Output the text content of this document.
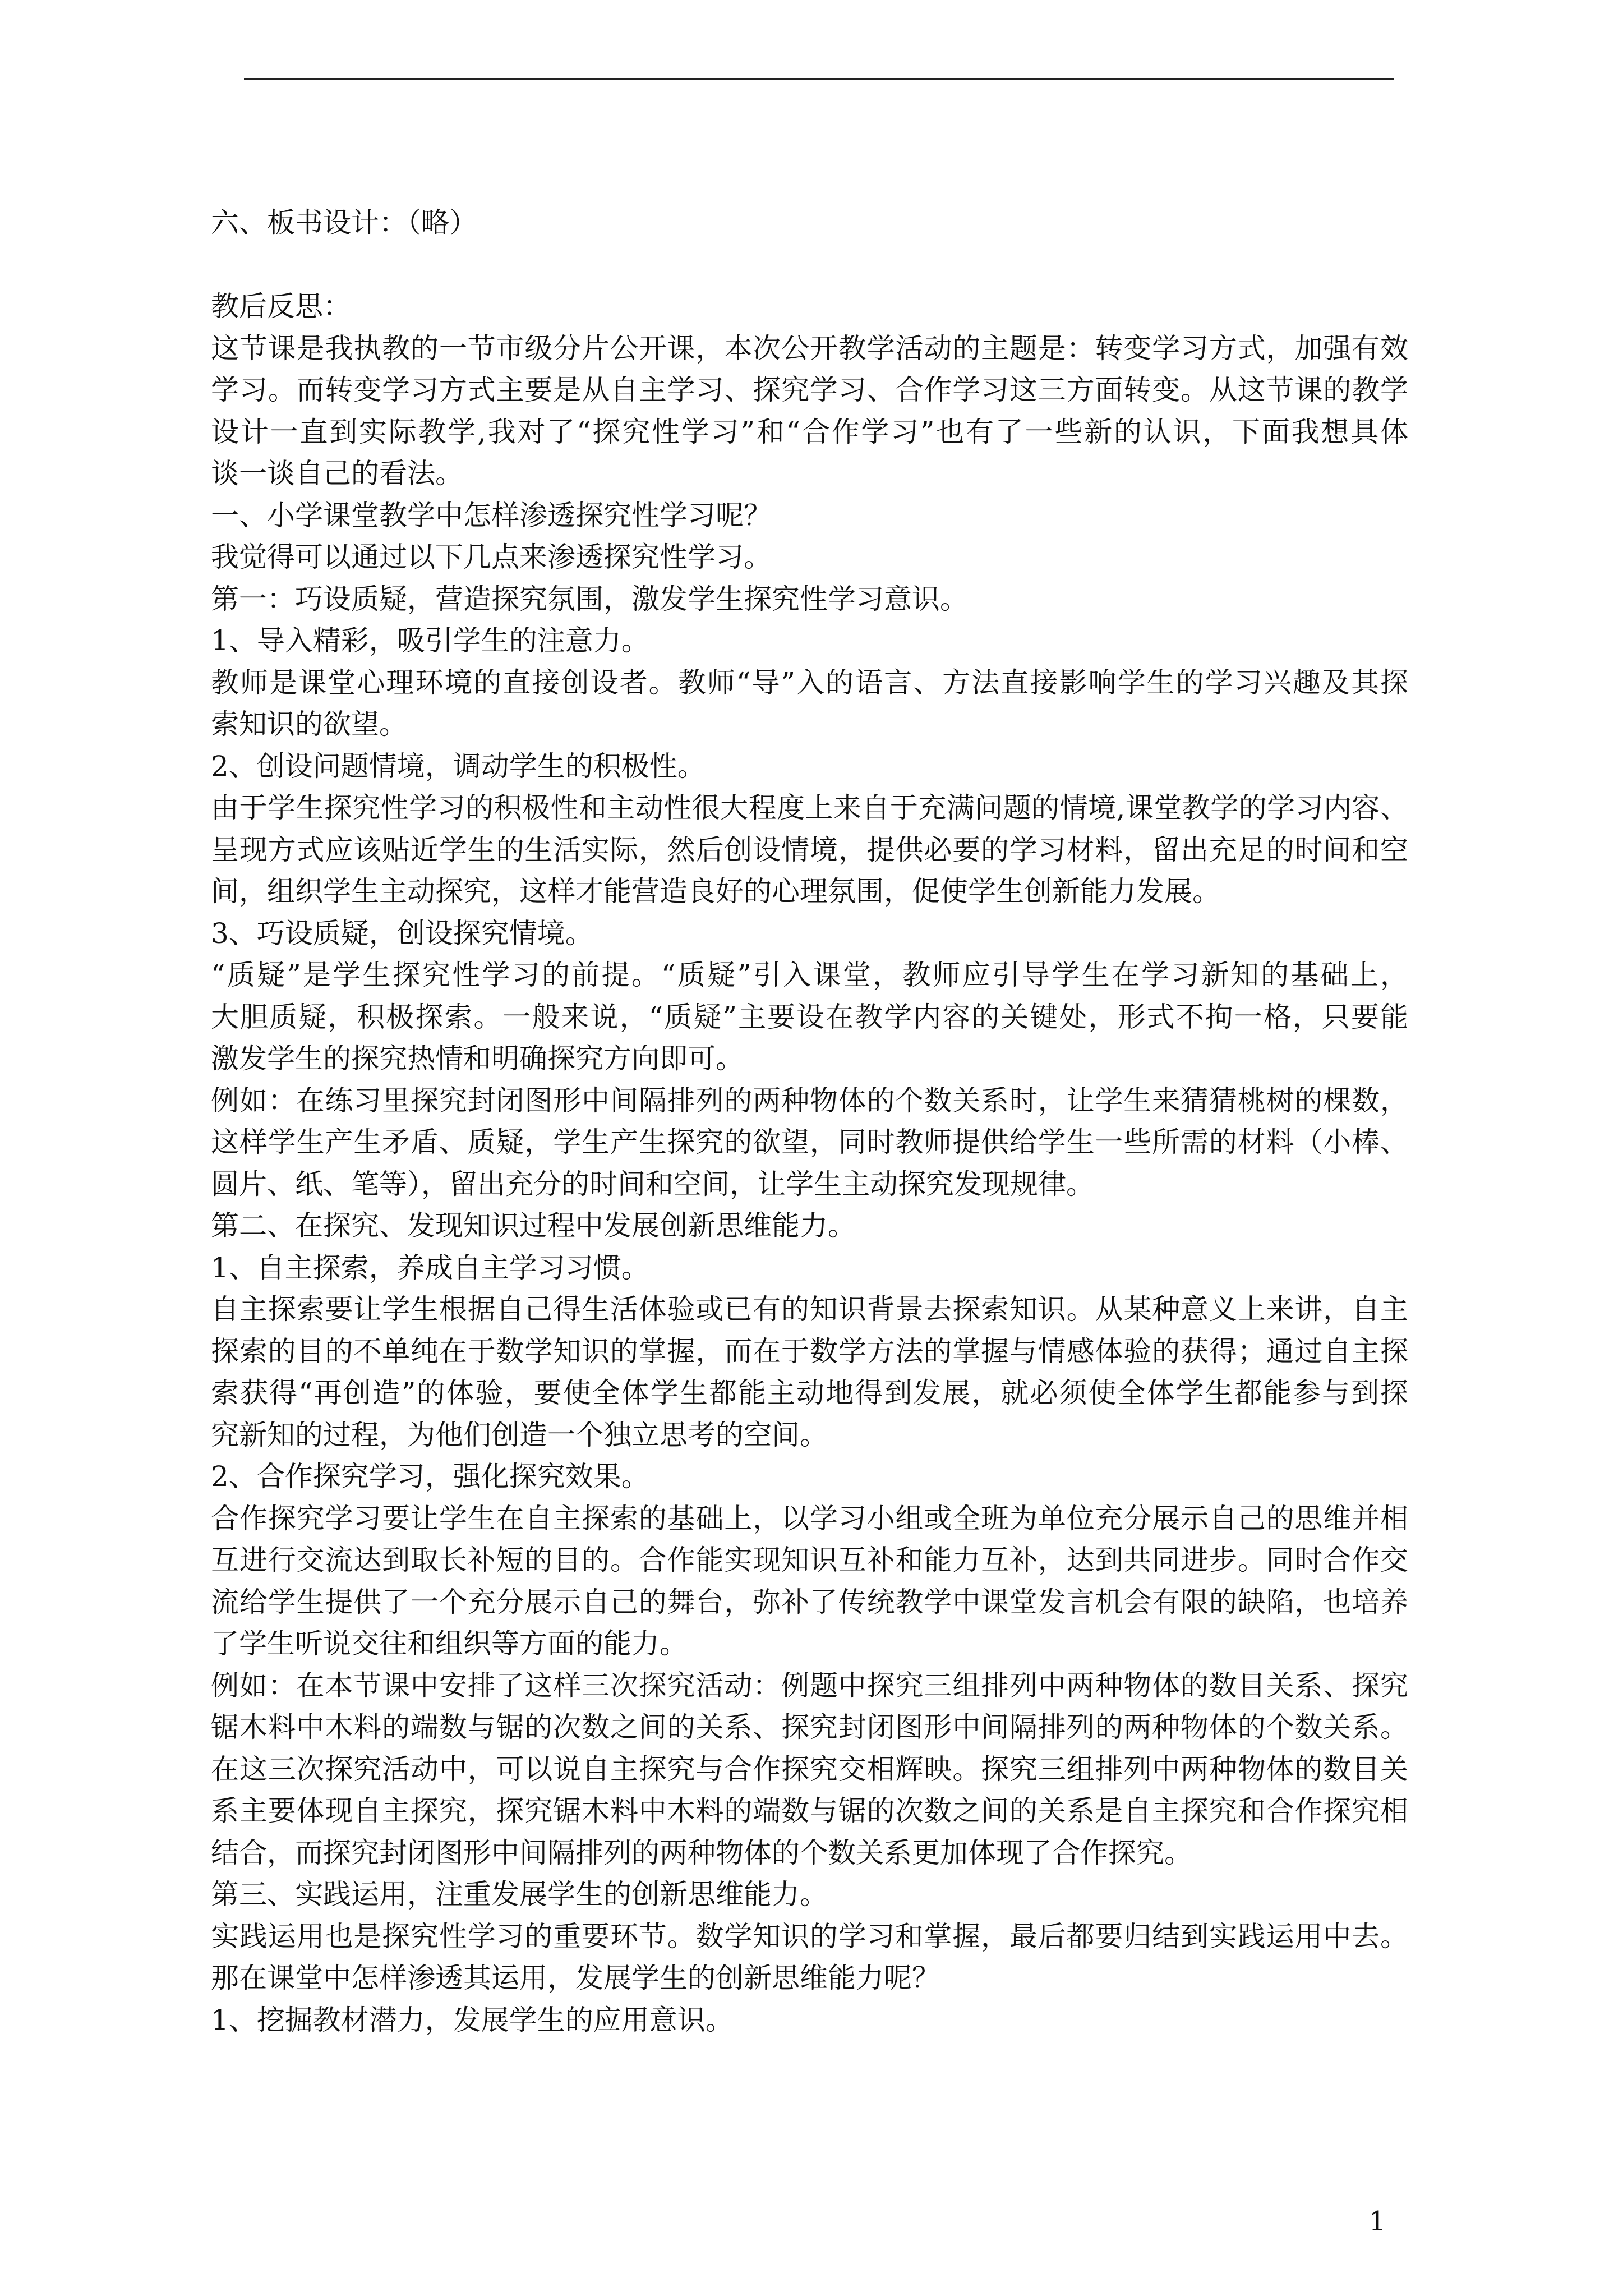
六、板书设计：（略）
教后反思：
这节课是我执教的一节市级分片公开课，本次公开教学活动的主题是：转变学习方式，加强有效
学习。而转变学习方式主要是从自主学习、探究学习、合作学习这三方面转变。从这节课的教学
设计一直到实际教学,我对了“探究性学习”和“合作学习”也有了一些新的认识，下面我想具体
谈一谈自己的看法。
一、小学课堂教学中怎样渗透探究性学习呢？
我觉得可以通过以下几点来渗透探究性学习。
第一：巧设质疑，营造探究氛围，激发学生探究性学习意识。
1、导入精彩，吸引学生的注意力。
教师是课堂心理环境的直接创设者。教师“导”入的语言、方法直接影响学生的学习兴趣及其探
索知识的欲望。
2、创设问题情境，调动学生的积极性。
由于学生探究性学习的积极性和主动性很大程度上来自于充满问题的情境,课堂教学的学习内容、
呈现方式应该贴近学生的生活实际，然后创设情境，提供必要的学习材料，留出充足的时间和空
间，组织学生主动探究，这样才能营造良好的心理氛围，促使学生创新能力发展。
3、巧设质疑，创设探究情境。
“质疑”是学生探究性学习的前提。“质疑”引入课堂，教师应引导学生在学习新知的基础上，
大胆质疑，积极探索。一般来说，“质疑”主要设在教学内容的关键处，形式不拘一格，只要能
激发学生的探究热情和明确探究方向即可。
例如：在练习里探究封闭图形中间隔排列的两种物体的个数关系时，让学生来猜猜桃树的棵数，
这样学生产生矛盾、质疑，学生产生探究的欲望，同时教师提供给学生一些所需的材料（小棒、
圆片、纸、笔等），留出充分的时间和空间，让学生主动探究发现规律。
第二、在探究、发现知识过程中发展创新思维能力。
1、自主探索，养成自主学习习惯。
自主探索要让学生根据自己得生活体验或已有的知识背景去探索知识。从某种意义上来讲，自主
探索的目的不单纯在于数学知识的掌握，而在于数学方法的掌握与情感体验的获得；通过自主探
索获得“再创造”的体验，要使全体学生都能主动地得到发展，就必须使全体学生都能参与到探
究新知的过程，为他们创造一个独立思考的空间。
2、合作探究学习，强化探究效果。
合作探究学习要让学生在自主探索的基础上，以学习小组或全班为单位充分展示自己的思维并相
互进行交流达到取长补短的目的。合作能实现知识互补和能力互补，达到共同进步。同时合作交
流给学生提供了一个充分展示自己的舞台，弥补了传统教学中课堂发言机会有限的缺陷，也培养
了学生听说交往和组织等方面的能力。
例如：在本节课中安排了这样三次探究活动：例题中探究三组排列中两种物体的数目关系、探究
锯木料中木料的端数与锯的次数之间的关系、探究封闭图形中间隔排列的两种物体的个数关系。
在这三次探究活动中，可以说自主探究与合作探究交相辉映。探究三组排列中两种物体的数目关
系主要体现自主探究，探究锯木料中木料的端数与锯的次数之间的关系是自主探究和合作探究相
结合，而探究封闭图形中间隔排列的两种物体的个数关系更加体现了合作探究。
第三、实践运用，注重发展学生的创新思维能力。
实践运用也是探究性学习的重要环节。数学知识的学习和掌握，最后都要归结到实践运用中去。
那在课堂中怎样渗透其运用，发展学生的创新思维能力呢？
1、挖掘教材潜力，发展学生的应用意识。
1
